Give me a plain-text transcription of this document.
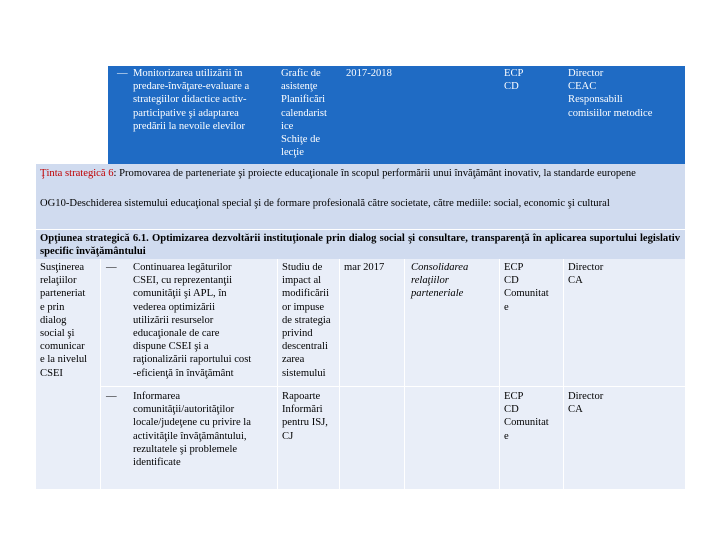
— Monitorizarea utilizării în
predare-învăţare-evaluare a
strategiilor didactice activ-
participative şi adaptarea
predării la nevoile elevilor
Grafic de
asistenţe
Planificări
calendarist
ice
Schiţe de
lecţie
2017-2018	ECP
CD
Director
CEAC
Responsabili
comisiilor metodice
Ţinta strategică 6: Promovarea de parteneriate şi proiecte educaţionale în scopul performării unui învăţământ inovativ, la standarde europene
OG10-Deschiderea sistemului educaţional special şi de formare profesională către societate, către mediile: social, economic şi cultural
Opţiunea strategică 6.1. Optimizarea dezvoltării instituţionale prin dialog social şi consultare, transparenţă în aplicarea suportului legislativ specific învăţământului
Susţinerea
relaţiilor
parteneriat
e prin
dialog
social şi
comunicar
e la nivelul
CSEI
— Continuarea legăturilor
CSEI, cu reprezentanţii
comunităţii şi APL, în
vederea optimizării
utilizării resurselor
educaţionale de care
dispune CSEI şi a
raţionalizării raportului cost
-eficienţă în învăţământ
Studiu de
impact al
modificării
or impuse
de strategia
privind
descentrali
zarea
sistemului
mar 2017	Consolidarea
relaţiilor
parteneriale
ECP
CD
Comunitat
e
Director
CA
— Informarea
comunităţii/autorităţilor
locale/judeţene cu privire la
activităţile învăţământului,
rezultatele şi problemele
identificate
Rapoarte
Informări
pentru ISJ,
CJ
ECP
CD
Comunitat
e
Director
CA
